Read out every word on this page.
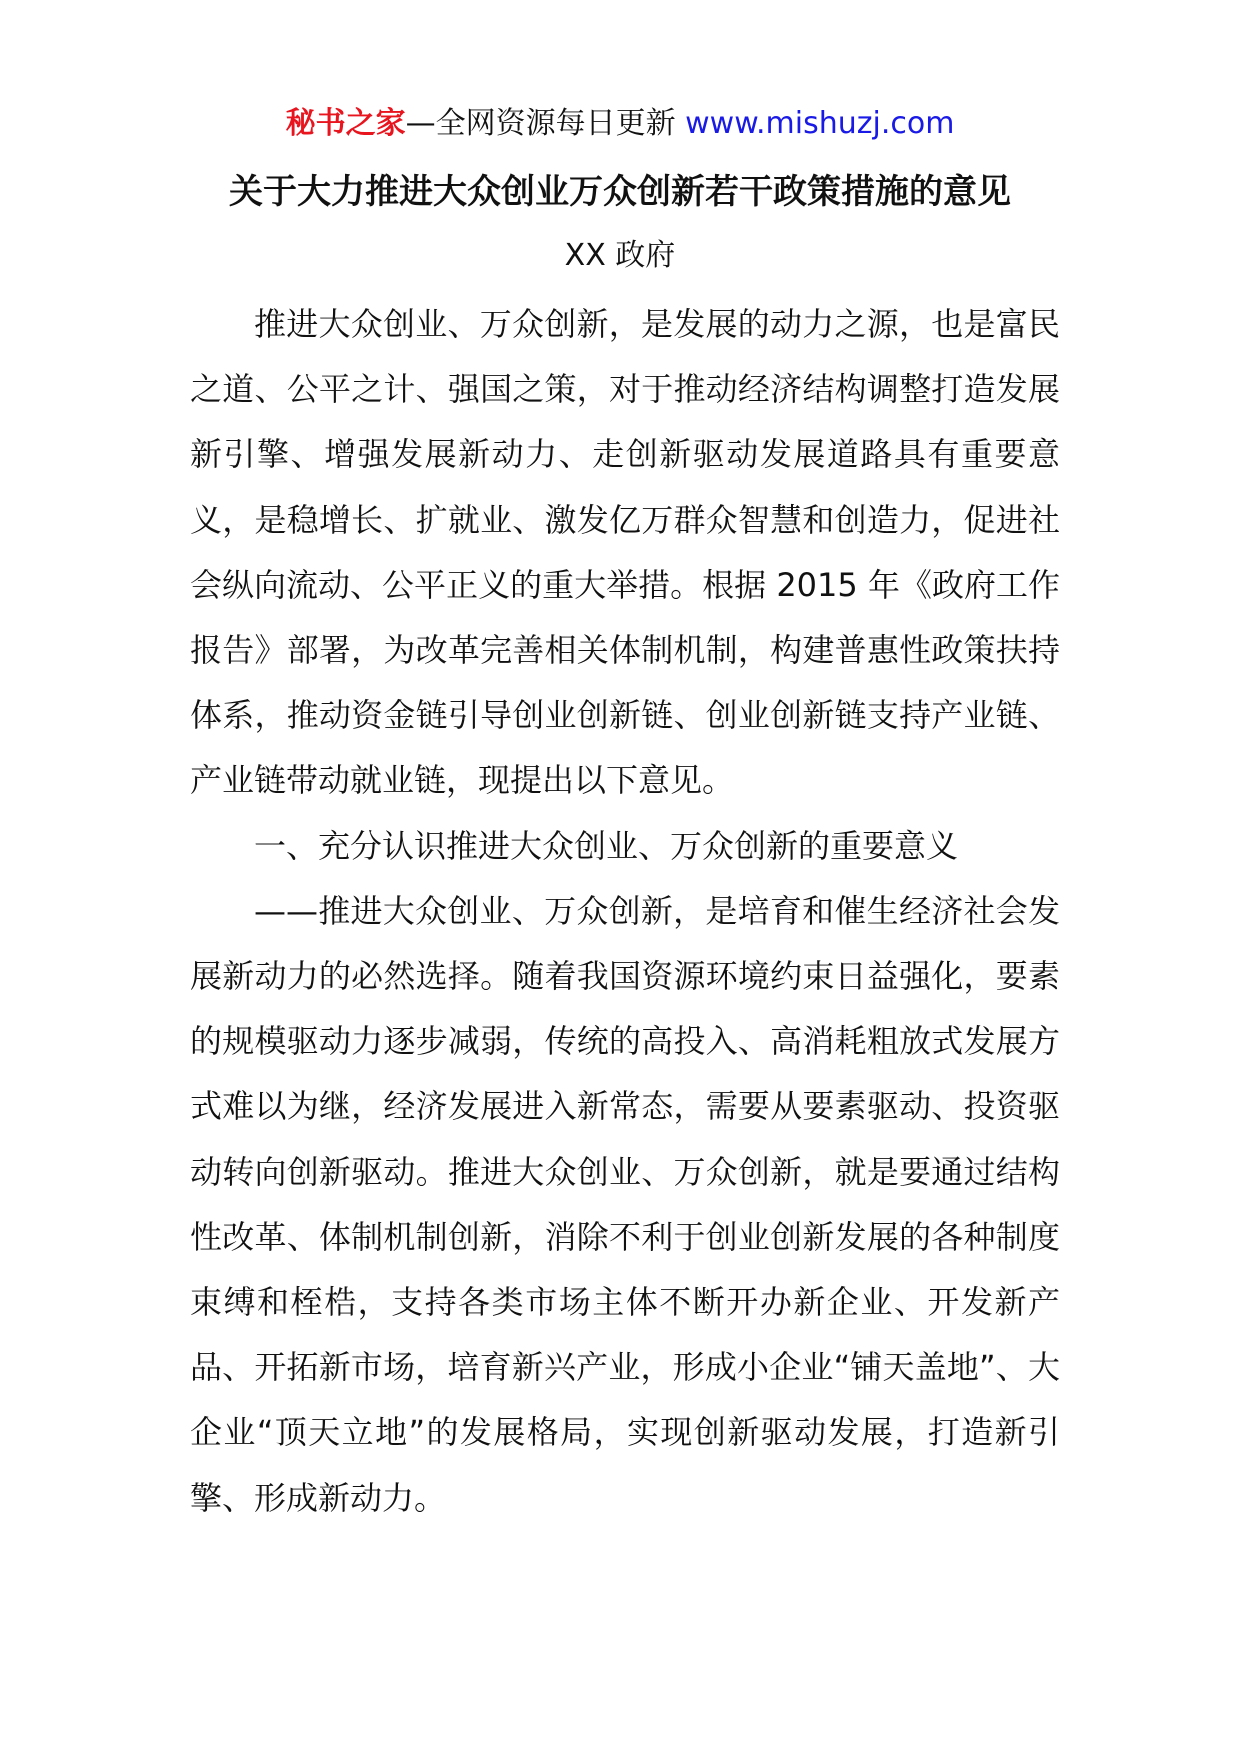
秘书之家—全网资源每日更新 www.mishuzj.com
关于大力推进大众创业万众创新若干政策措施的意见
XX 政府

推进大众创业、万众创新，是发展的动力之源，也是富民之道、公平之计、强国之策，对于推动经济结构调整打造发展新引擎、增强发展新动力、走创新驱动发展道路具有重要意义，是稳增长、扩就业、激发亿万群众智慧和创造力，促进社会纵向流动、公平正义的重大举措。根据 2015 年《政府工作报告》部署，为改革完善相关体制机制，构建普惠性政策扶持体系，推动资金链引导创业创新链、创业创新链支持产业链、产业链带动就业链，现提出以下意见。

一、充分认识推进大众创业、万众创新的重要意义

——推进大众创业、万众创新，是培育和催生经济社会发展新动力的必然选择。随着我国资源环境约束日益强化，要素的规模驱动力逐步减弱，传统的高投入、高消耗粗放式发展方式难以为继，经济发展进入新常态，需要从要素驱动、投资驱动转向创新驱动。推进大众创业、万众创新，就是要通过结构性改革、体制机制创新，消除不利于创业创新发展的各种制度束缚和桎梏，支持各类市场主体不断开办新企业、开发新产品、开拓新市场，培育新兴产业，形成小企业“铺天盖地”、大企业“顶天立地”的发展格局，实现创新驱动发展，打造新引擎、形成新动力。
